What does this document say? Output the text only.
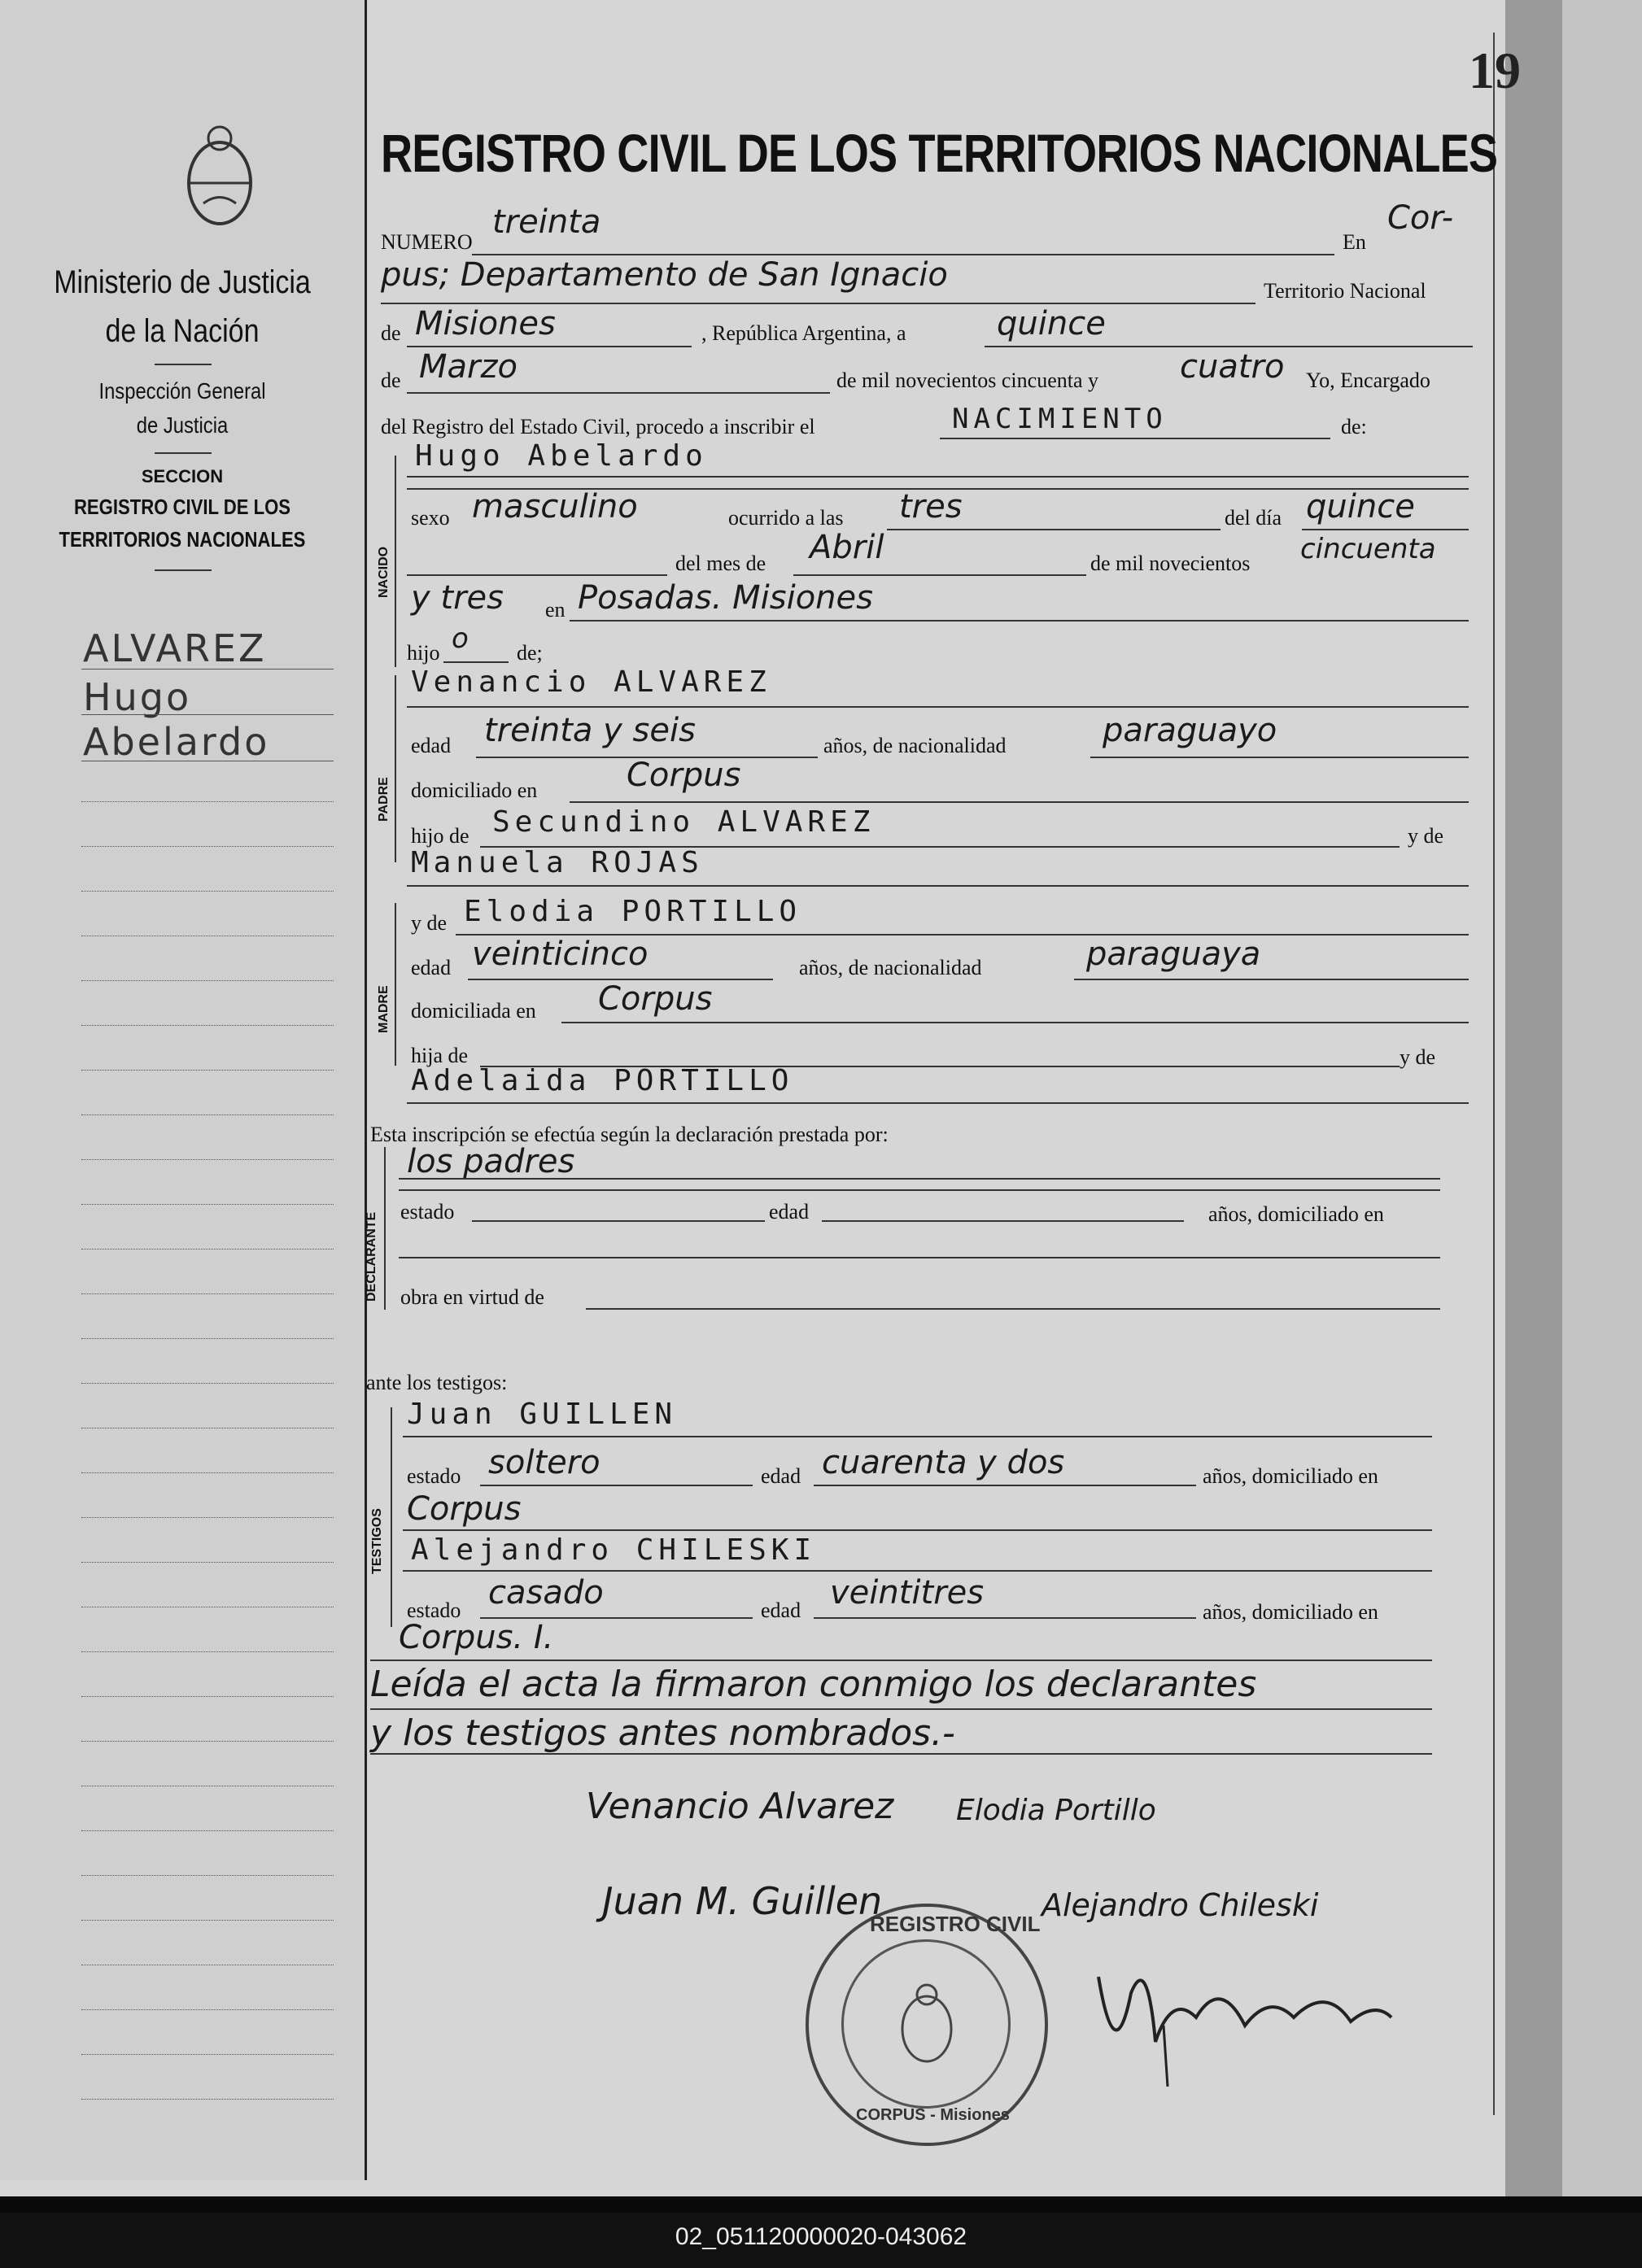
Ministerio de Justicia
de la Nación
Inspección General
de Justicia
SECCION
REGISTRO CIVIL DE LOS
TERRITORIOS NACIONALES
ALVAREZ
Hugo
Abelardo
19
REGISTRO CIVIL DE LOS TERRITORIOS NACIONALES
NUMERO
treinta
En
Cor-
pus; Departamento de San Ignacio	Territorio Nacional
de Misiones	, República Argentina, a	quince
de Marzo	de mil novecientos cincuenta y cuatro Yo, Encargado
del Registro del Estado Civil, procedo a inscribir el	NACIMIENTO	de:
NACIDO
Hugo Abelardo
sexo masculino	ocurrido a las tres	del día quince
del mes de Abril	de mil novecientos cincuenta
y tres en Posadas. Misiones
hijo o de;
PADRE
Venancio ALVAREZ
edad treinta y seis	años, de nacionalidad	paraguayo
domiciliado en	Corpus
hijo de Secundino ALVAREZ	y de
Manuela ROJAS
MADRE
y de Elodia PORTILLO
edad veinticinco	años, de nacionalidad	paraguaya
domiciliada en Corpus
hija de	y de
Adelaida PORTILLO
Esta inscripción se efectúa según la declaración prestada por:
DECLARANTE
los padres
estado	edad	años, domiciliado en
obra en virtud de
ante los testigos:
TESTIGOS
Juan GUILLEN
estado soltero	edad cuarenta y dos	años, domiciliado en
Corpus
Alejandro CHILESKI
estado casado	edad veintitres
años, domiciliado en
Corpus. I.
Leída el acta la firmaron conmigo los declarantes
y los testigos antes nombrados.-
Venancio Alvarez Elodia Portillo
Juan M. Guillen	Alejandro Chileski
REGISTRO CIVIL
CORPUS - Misiones
02_051120000020-043062
